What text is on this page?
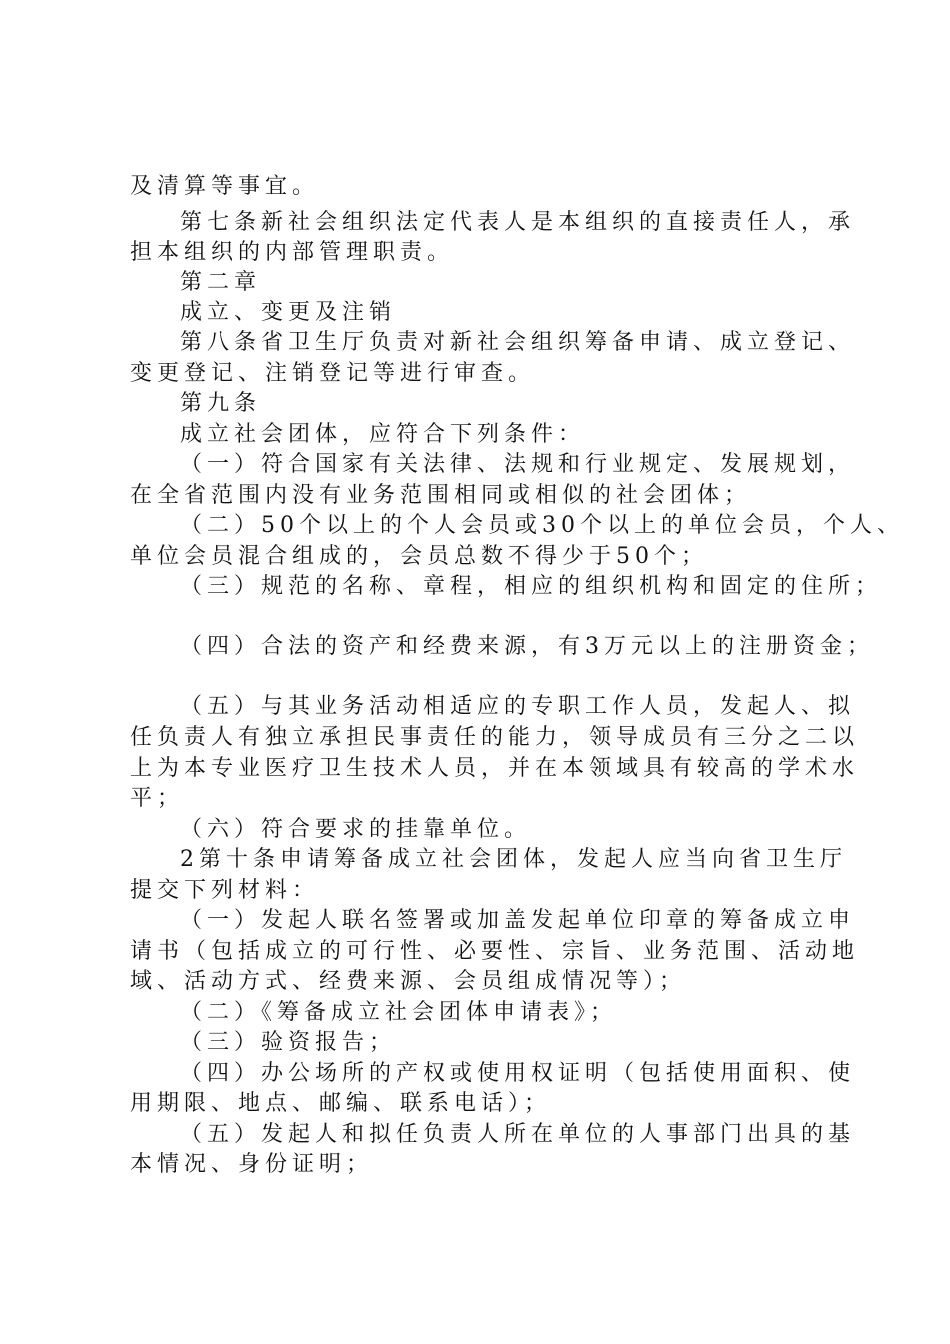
及清算等事宜。
第七条新社会组织法定代表人是本组织的直接责任人，承
担本组织的内部管理职责。
第二章
成立、变更及注销
第八条省卫生厅负责对新社会组织筹备申请、成立登记、
变更登记、注销登记等进行审查。
第九条
成立社会团体，应符合下列条件：
（一）符合国家有关法律、法规和行业规定、发展规划，
在全省范围内没有业务范围相同或相似的社会团体；
（二）50个以上的个人会员或30个以上的单位会员，个人、
单位会员混合组成的，会员总数不得少于50个；
（三）规范的名称、章程，相应的组织机构和固定的住所；
（四）合法的资产和经费来源，有3万元以上的注册资金；
（五）与其业务活动相适应的专职工作人员，发起人、拟
任负责人有独立承担民事责任的能力，领导成员有三分之二以
上为本专业医疗卫生技术人员，并在本领域具有较高的学术水
平；
（六）符合要求的挂靠单位。
2第十条申请筹备成立社会团体，发起人应当向省卫生厅
提交下列材料：
（一）发起人联名签署或加盖发起单位印章的筹备成立申
请书（包括成立的可行性、必要性、宗旨、业务范围、活动地
域、活动方式、经费来源、会员组成情况等）；
（二）《筹备成立社会团体申请表》；
（三）验资报告；
（四）办公场所的产权或使用权证明（包括使用面积、使
用期限、地点、邮编、联系电话）；
（五）发起人和拟任负责人所在单位的人事部门出具的基
本情况、身份证明；
